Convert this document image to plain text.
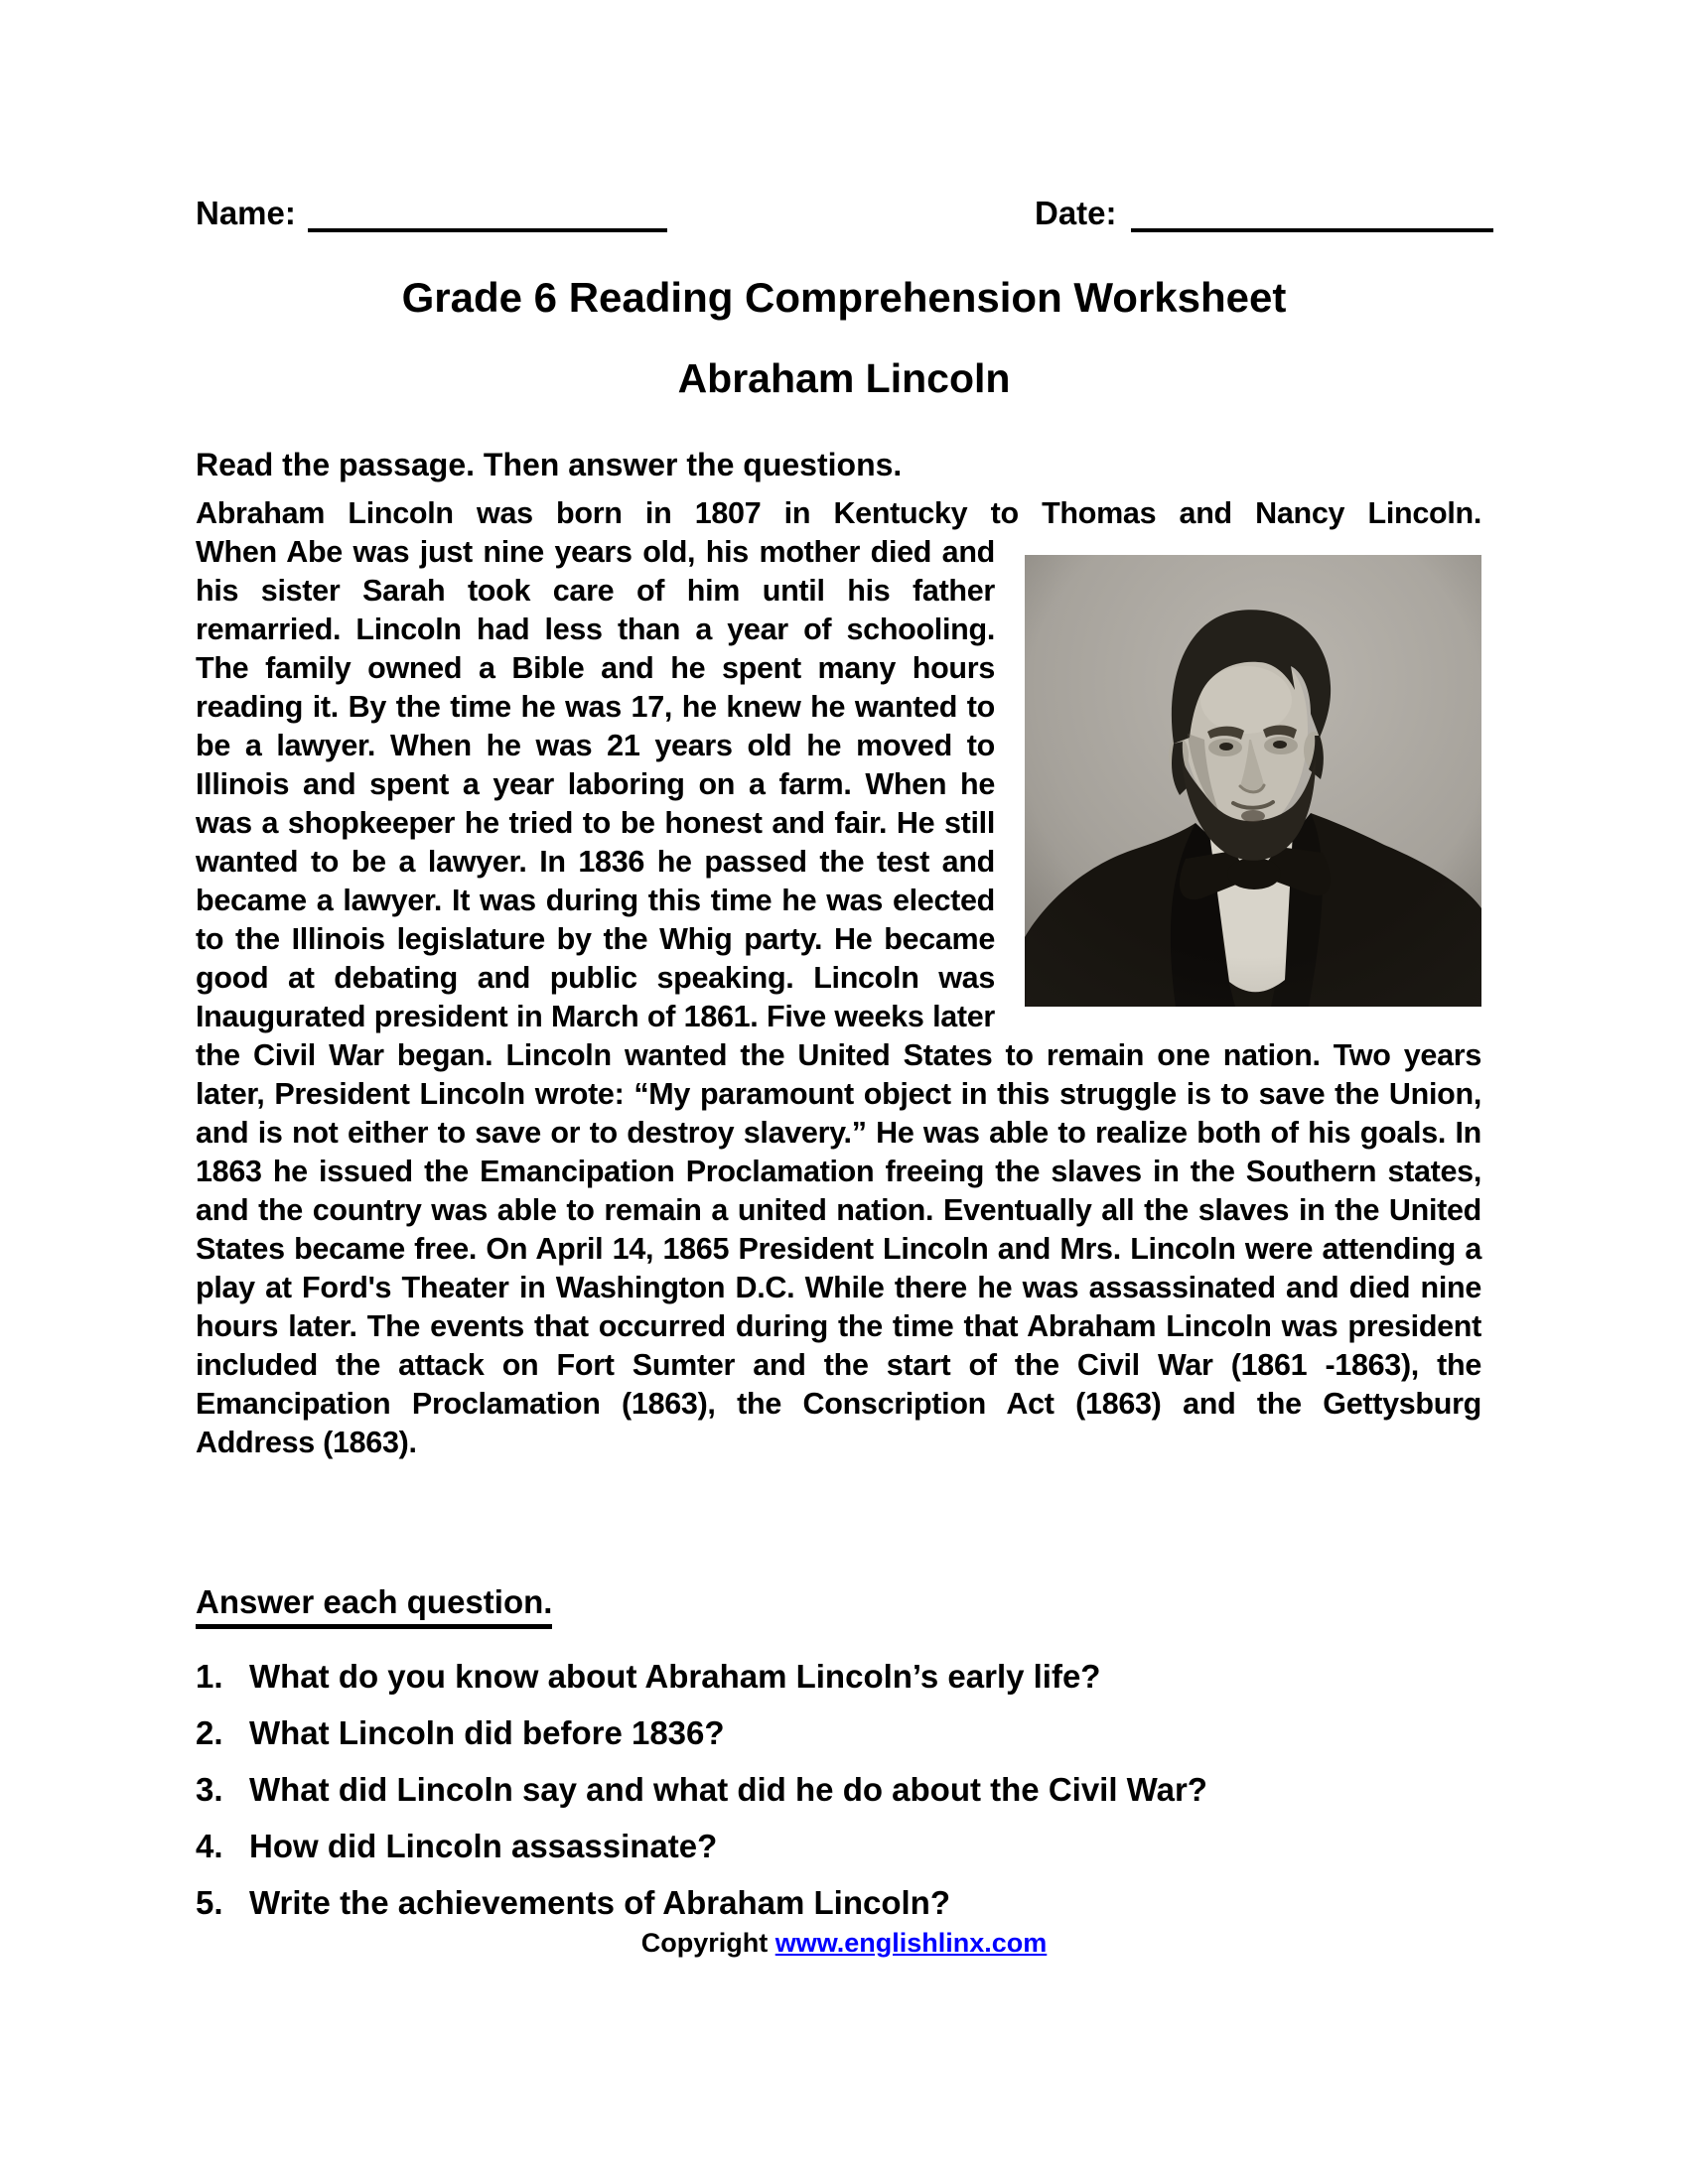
Name:	Date:
Grade 6 Reading Comprehension Worksheet
Abraham Lincoln
Read the passage. Then answer the questions.
Abraham Lincoln was born in 1807 in Kentucky to Thomas and Nancy Lincoln.

When Abe was just nine years old, his mother died and his sister Sarah took care of him until his father remarried. Lincoln had less than a year of schooling. The family owned a Bible and he spent many hours reading it. By the time he was 17, he knew he wanted to be a lawyer. When he was 21 years old he moved to Illinois and spent a year laboring on a farm. When he was a shopkeeper he tried to be honest and fair. He still wanted to be a lawyer. In 1836 he passed the test and became a lawyer. It was during this time he was elected to the Illinois legislature by the Whig party. He became good at debating and public speaking. Lincoln was Inaugurated president in March of 1861. Five weeks later the Civil War began. Lincoln wanted the United States to remain one nation. Two years later, President Lincoln wrote: “My paramount object in this struggle is to save the Union, and is not either to save or to destroy slavery.” He was able to realize both of his goals. In 1863 he issued the Emancipation Proclamation freeing the slaves in the Southern states, and the country was able to remain a united nation. Eventually all the slaves in the United States became free. On April 14, 1865 President Lincoln and Mrs. Lincoln were attending a play at Ford's Theater in Washington D.C. While there he was assassinated and died nine hours later. The events that occurred during the time that Abraham Lincoln was president included the attack on Fort Sumter and the start of the Civil War (1861 -1863), the Emancipation Proclamation (1863), the Conscription Act (1863) and the Gettysburg Address (1863).

Answer each question.
1. What do you know about Abraham Lincoln’s early life?
2. What Lincoln did before 1836?
3. What did Lincoln say and what did he do about the Civil War?
4. How did Lincoln assassinate?
5. Write the achievements of Abraham Lincoln?
Copyright www.englishlinx.com
